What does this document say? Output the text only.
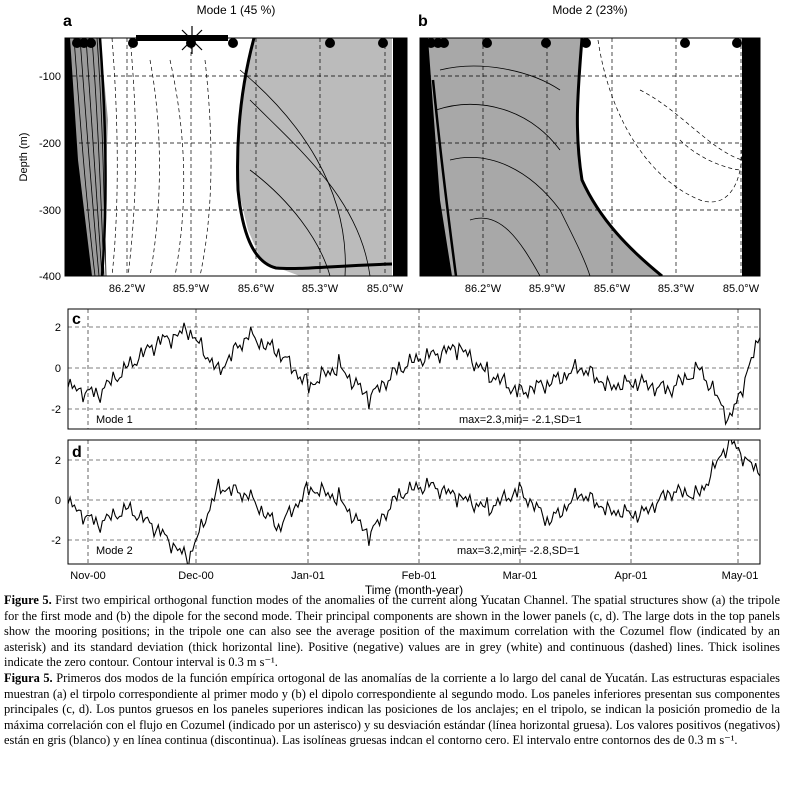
a
Mode 1 (45 %)
Depth (m)
-100
-200
-300
-400
86.2°W	85.9°W	85.6°W	85.3°W	85.0°W
b
Mode 2 (23%)
86.2°W	85.9°W	85.6°W	85.3°W	85.0°W
c
Mode 1	max=2.3,min= -2.1,SD=1
2
0
-2
d
Mode 2	max=3.2,min= -2.8,SD=1
2
0
-2
Nov-00	Dec-00	Jan-01	Feb-01	Mar-01	Apr-01	May-01
Time (month-year)

Figure 5. First two empirical orthogonal function modes of the anomalies of the current along Yucatan Channel. The spatial structures show (a) the tripole for the first mode and (b) the dipole for the second mode. Their principal components are shown in the lower panels (c, d). The large dots in the top panels show the mooring positions; in the tripole one can also see the average position of the maximum correlation with the Cozumel flow (indicated by an asterisk) and its standard deviation (thick horizontal line). Positive (negative) values are in grey (white) and continuous (dashed) lines. Thick isolines indicate the zero contour. Contour interval is 0.3 m s⁻¹.

Figura 5. Primeros dos modos de la función empírica ortogonal de las anomalías de la corriente a lo largo del canal de Yucatán. Las estructuras espaciales muestran (a) el tirpolo correspondiente al primer modo y (b) el dipolo correspondiente al segundo modo. Los paneles inferiores presentan sus componentes principales (c, d). Los puntos gruesos en los paneles superiores indican las posiciones de los anclajes; en el tripolo, se indican la posición promedio de la máxima correlación con el flujo en Cozumel (indicado por un asterisco) y su desviación estándar (línea horizontal gruesa). Los valores positivos (negativos) están en gris (blanco) y en línea continua (discontinua). Las isolíneas gruesas indcan el contorno cero. El intervalo entre contornos des de 0.3 m s⁻¹.
